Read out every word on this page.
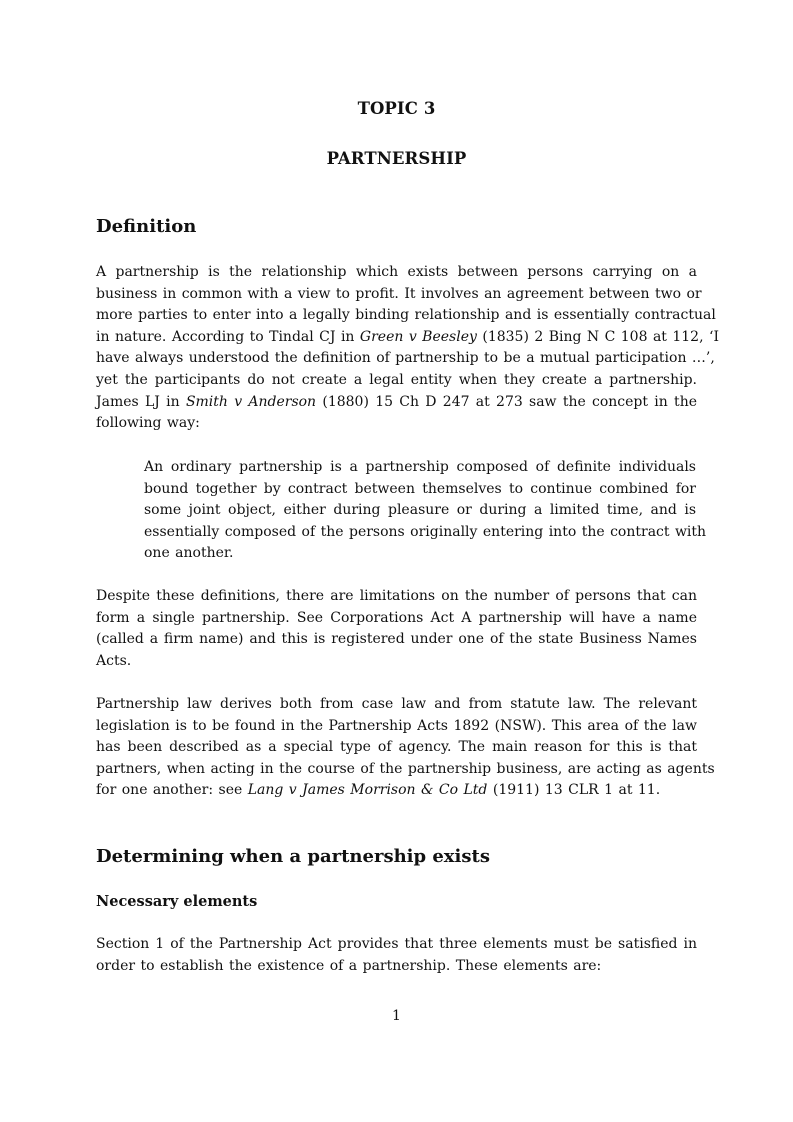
TOPIC 3
PARTNERSHIP
Definition
A partnership is the relationship which exists between persons carrying on a
business in common with a view to profit. It involves an agreement between two or
more parties to enter into a legally binding relationship and is essentially contractual
in nature. According to Tindal CJ in Green v Beesley (1835) 2 Bing N C 108 at 112, ‘I
have always understood the definition of partnership to be a mutual participation …’,
yet the participants do not create a legal entity when they create a partnership.
James LJ in Smith v Anderson (1880) 15 Ch D 247 at 273 saw the concept in the
following way:
An ordinary partnership is a partnership composed of definite individuals
bound together by contract between themselves to continue combined for
some joint object, either during pleasure or during a limited time, and is
essentially composed of the persons originally entering into the contract with
one another.
Despite these definitions, there are limitations on the number of persons that can
form a single partnership. See Corporations Act A partnership will have a name
(called a firm name) and this is registered under one of the state Business Names
Acts.
Partnership law derives both from case law and from statute law. The relevant
legislation is to be found in the Partnership Acts 1892 (NSW). This area of the law
has been described as a special type of agency. The main reason for this is that
partners, when acting in the course of the partnership business, are acting as agents
for one another: see Lang v James Morrison & Co Ltd (1911) 13 CLR 1 at 11.
Determining when a partnership exists
Necessary elements
Section 1 of the Partnership Act provides that three elements must be satisfied in
order to establish the existence of a partnership. These elements are:
1
